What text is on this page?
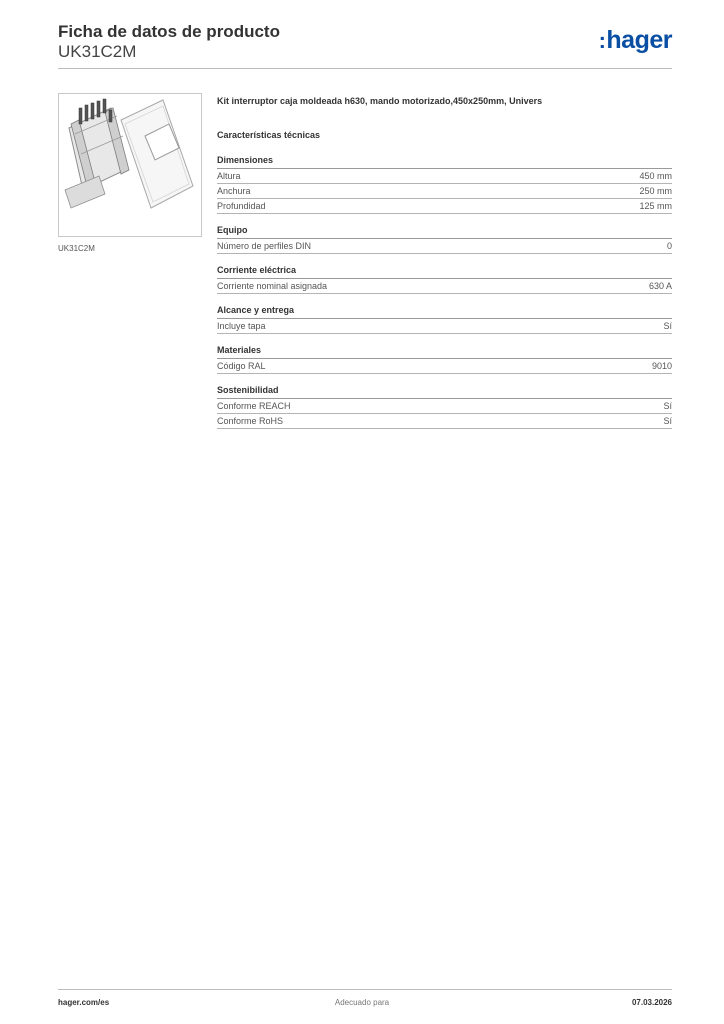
Ficha de datos de producto
UK31C2M	:hager
UK31C2M
Kit interruptor caja moldeada h630, mando motorizado,450x250mm, Univers
Características técnicas
Dimensiones
Altura	450 mm
Anchura	250 mm
Profundidad	125 mm
Equipo
Número de perfiles DIN	0
Corriente eléctrica
Corriente nominal asignada	630 A
Alcance y entrega
Incluye tapa	Sí
Materiales
Código RAL	9010
Sostenibilidad
Conforme REACH	Sí
Conforme RoHS	Sí
hager.com/es	Adecuado para	07.03.2026
